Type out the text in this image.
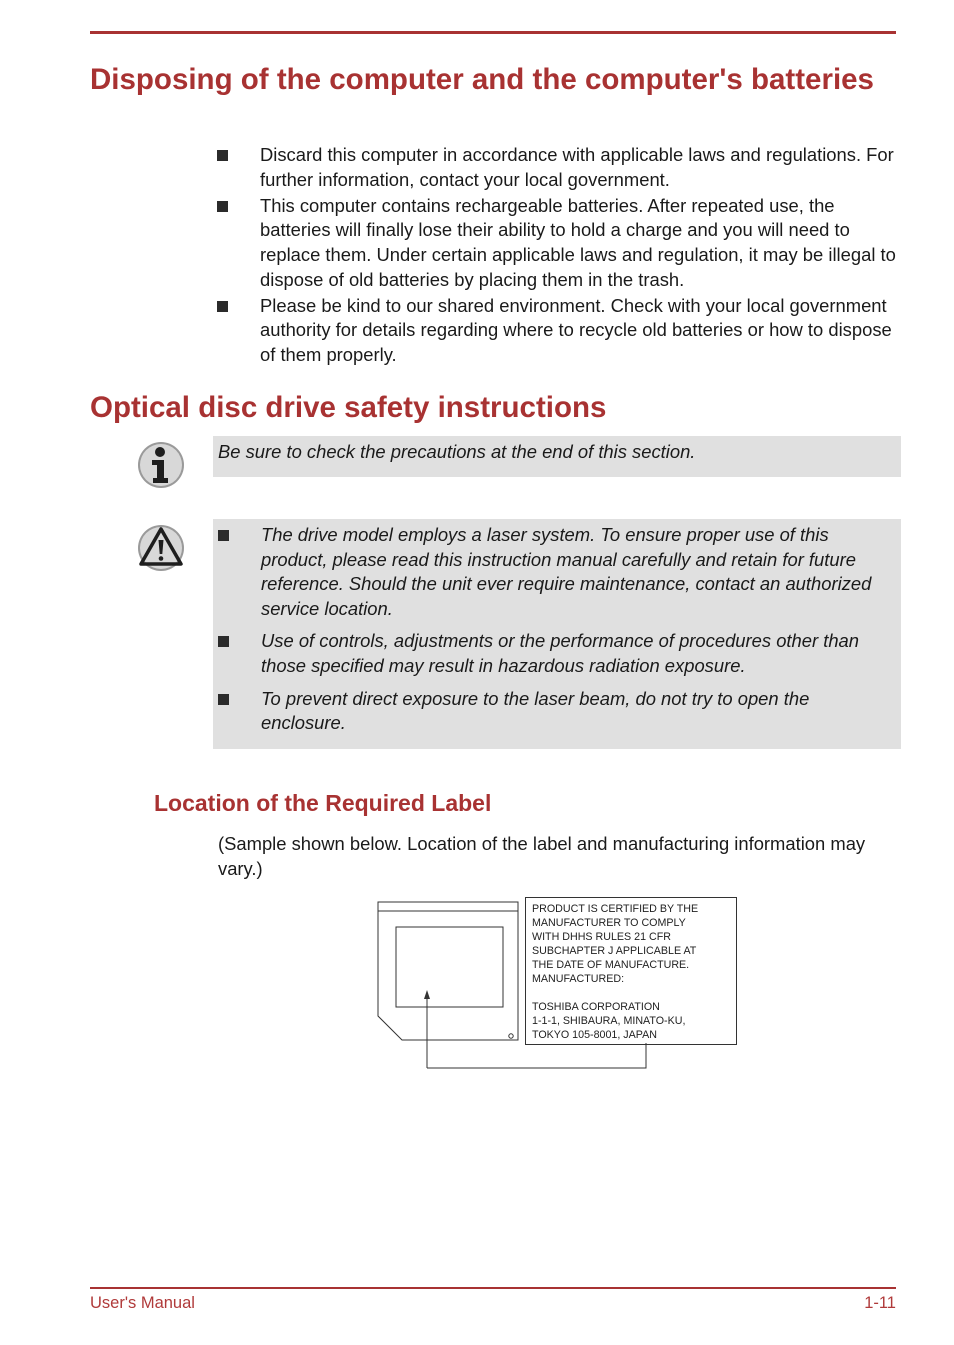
Disposing of the computer and the computer's batteries
Discard this computer in accordance with applicable laws and regulations. For further information, contact your local government.
This computer contains rechargeable batteries. After repeated use, the batteries will finally lose their ability to hold a charge and you will need to replace them. Under certain applicable laws and regulation, it may be illegal to dispose of old batteries by placing them in the trash.
Please be kind to our shared environment. Check with your local government authority for details regarding where to recycle old batteries or how to dispose of them properly.
Optical disc drive safety instructions
Be sure to check the precautions at the end of this section.
The drive model employs a laser system. To ensure proper use of this product, please read this instruction manual carefully and retain for future reference. Should the unit ever require maintenance, contact an authorized service location.
Use of controls, adjustments or the performance of procedures other than those specified may result in hazardous radiation exposure.
To prevent direct exposure to the laser beam, do not try to open the enclosure.
Location of the Required Label
(Sample shown below. Location of the label and manufacturing information may vary.)
PRODUCT IS CERTIFIED BY THE
MANUFACTURER TO COMPLY
WITH DHHS RULES 21 CFR
SUBCHAPTER J APPLICABLE AT
THE DATE OF MANUFACTURE.
MANUFACTURED:
TOSHIBA CORPORATION
1-1-1, SHIBAURA, MINATO-KU,
TOKYO 105-8001, JAPAN
User's Manual	1-11
